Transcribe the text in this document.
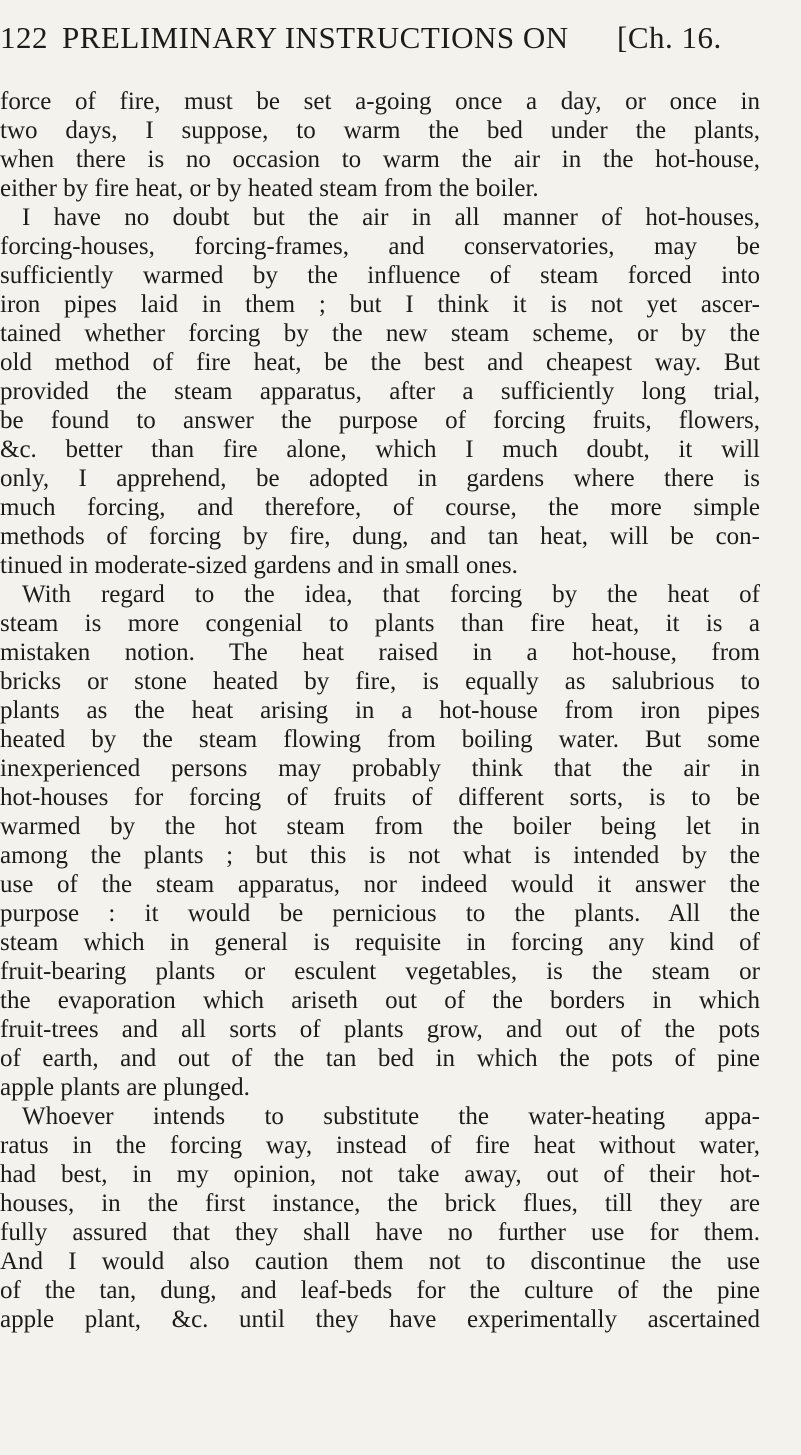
122 PRELIMINARY INSTRUCTIONS ON [Ch. 16.
force of fire, must be set a-going once a day, or once in
two days, I suppose, to warm the bed under the plants,
when there is no occasion to warm the air in the hot-house,
either by fire heat, or by heated steam from the boiler.
I have no doubt but the air in all manner of hot-houses,
forcing-houses, forcing-frames, and conservatories, may be
sufficiently warmed by the influence of steam forced into
iron pipes laid in them ; but I think it is not yet ascer-
tained whether forcing by the new steam scheme, or by the
old method of fire heat, be the best and cheapest way. But
provided the steam apparatus, after a sufficiently long trial,
be found to answer the purpose of forcing fruits, flowers,
&c. better than fire alone, which I much doubt, it will
only, I apprehend, be adopted in gardens where there is
much forcing, and therefore, of course, the more simple
methods of forcing by fire, dung, and tan heat, will be con-
tinued in moderate-sized gardens and in small ones.
With regard to the idea, that forcing by the heat of
steam is more congenial to plants than fire heat, it is a
mistaken notion. The heat raised in a hot-house, from
bricks or stone heated by fire, is equally as salubrious to
plants as the heat arising in a hot-house from iron pipes
heated by the steam flowing from boiling water. But some
inexperienced persons may probably think that the air in
hot-houses for forcing of fruits of different sorts, is to be
warmed by the hot steam from the boiler being let in
among the plants ; but this is not what is intended by the
use of the steam apparatus, nor indeed would it answer the
purpose : it would be pernicious to the plants. All the
steam which in general is requisite in forcing any kind of
fruit-bearing plants or esculent vegetables, is the steam or
the evaporation which ariseth out of the borders in which
fruit-trees and all sorts of plants grow, and out of the pots
of earth, and out of the tan bed in which the pots of pine
apple plants are plunged.
Whoever intends to substitute the water-heating appa-
ratus in the forcing way, instead of fire heat without water,
had best, in my opinion, not take away, out of their hot-
houses, in the first instance, the brick flues, till they are
fully assured that they shall have no further use for them.
And I would also caution them not to discontinue the use
of the tan, dung, and leaf-beds for the culture of the pine
apple plant, &c. until they have experimentally ascertained
